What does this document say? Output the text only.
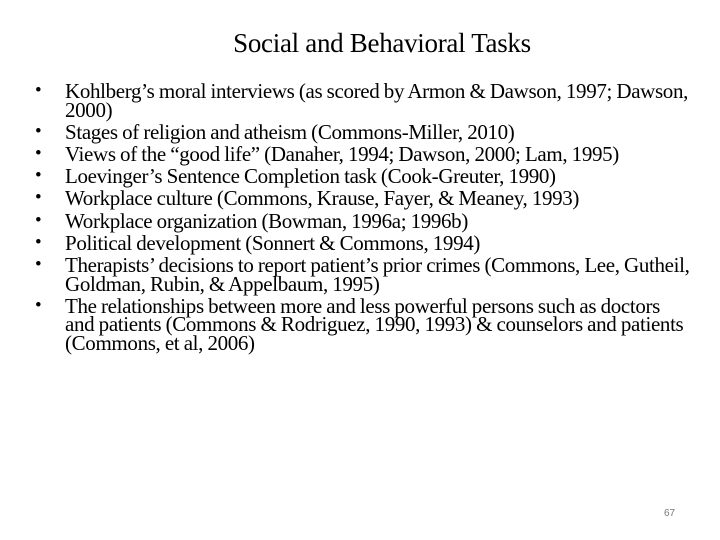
Social and Behavioral Tasks
• Kohlberg’s moral interviews (as scored by Armon & Dawson, 1997; Dawson, 2000)
• Stages of religion and atheism (Commons-Miller, 2010)
• Views of the “good life” (Danaher, 1994; Dawson, 2000; Lam, 1995)
• Loevinger’s Sentence Completion task (Cook-Greuter, 1990)
• Workplace culture (Commons, Krause, Fayer, & Meaney, 1993)
• Workplace organization (Bowman, 1996a; 1996b)
• Political development (Sonnert & Commons, 1994)
• Therapists’ decisions to report patient’s prior crimes (Commons, Lee, Gutheil, Goldman, Rubin, & Appelbaum, 1995)
• The relationships between more and less powerful persons such as doctors and patients (Commons & Rodriguez, 1990, 1993) & counselors and patients (Commons, et al, 2006)
67
